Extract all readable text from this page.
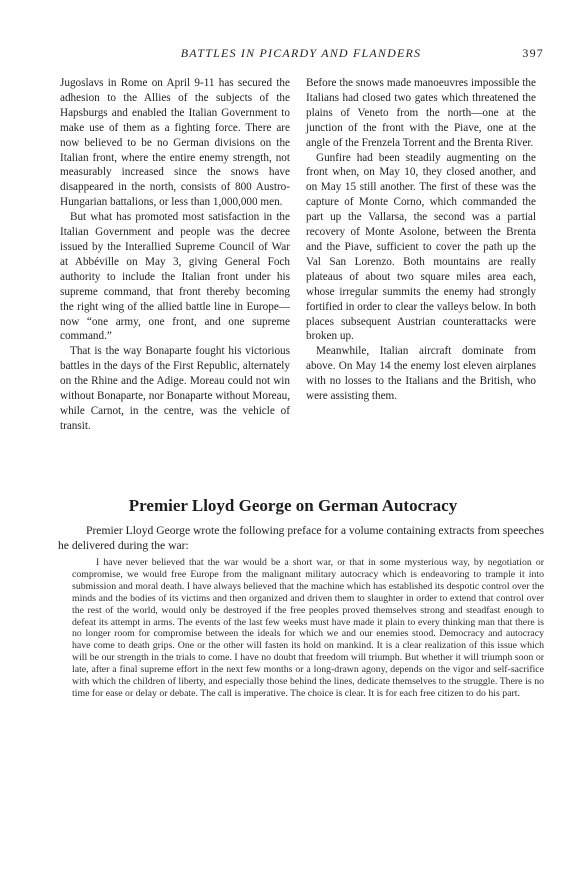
BATTLES IN PICARDY AND FLANDERS	397

Jugoslavs in Rome on April 9-11 has secured the adhesion to the Allies of the subjects of the Hapsburgs and enabled the Italian Government to make use of them as a fighting force. There are now believed to be no German divisions on the Italian front, where the entire enemy strength, not measurably increased since the snows have disappeared in the north, consists of 800 Austro-Hungarian battalions, or less than 1,000,000 men.

But what has promoted most satisfaction in the Italian Government and people was the decree issued by the Interallied Supreme Council of War at Abbéville on May 3, giving General Foch authority to include the Italian front under his supreme command, that front thereby becoming the right wing of the allied battle line in Europe—now “one army, one front, and one supreme command.”

That is the way Bonaparte fought his victorious battles in the days of the First Republic, alternately on the Rhine and the Adige. Moreau could not win without Bonaparte, nor Bonaparte without Moreau, while Carnot, in the centre, was the vehicle of transit.

Before the snows made manoeuvres impossible the Italians had closed two gates which threatened the plains of Veneto from the north—one at the junction of the front with the Piave, one at the angle of the Frenzela Torrent and the Brenta River.

Gunfire had been steadily augmenting on the front when, on May 10, they closed another, and on May 15 still another. The first of these was the capture of Monte Corno, which commanded the part up the Vallarsa, the second was a partial recovery of Monte Asolone, between the Brenta and the Piave, sufficient to cover the path up the Val San Lorenzo. Both mountains are really plateaus of about two square miles area each, whose irregular summits the enemy had strongly fortified in order to clear the valleys below. In both places subsequent Austrian counterattacks were broken up.

Meanwhile, Italian aircraft dominate from above. On May 14 the enemy lost eleven airplanes with no losses to the Italians and the British, who were assisting them.

Premier Lloyd George on German Autocracy

Premier Lloyd George wrote the following preface for a volume containing extracts from speeches he delivered during the war:

I have never believed that the war would be a short war, or that in some mysterious way, by negotiation or compromise, we would free Europe from the malignant military autocracy which is endeavoring to trample it into submission and moral death. I have always believed that the machine which has established its despotic control over the minds and the bodies of its victims and then organized and driven them to slaughter in order to extend that control over the rest of the world, would only be destroyed if the free peoples proved themselves strong and steadfast enough to defeat its attempt in arms. The events of the last few weeks must have made it plain to every thinking man that there is no longer room for compromise between the ideals for which we and our enemies stood. Democracy and autocracy have come to death grips. One or the other will fasten its hold on mankind. It is a clear realization of this issue which will be our strength in the trials to come. I have no doubt that freedom will triumph. But whether it will triumph soon or late, after a final supreme effort in the next few months or a long-drawn agony, depends on the vigor and self-sacrifice with which the children of liberty, and especially those behind the lines, dedicate themselves to the struggle. There is no time for ease or delay or debate. The call is imperative. The choice is clear. It is for each free citizen to do his part.
